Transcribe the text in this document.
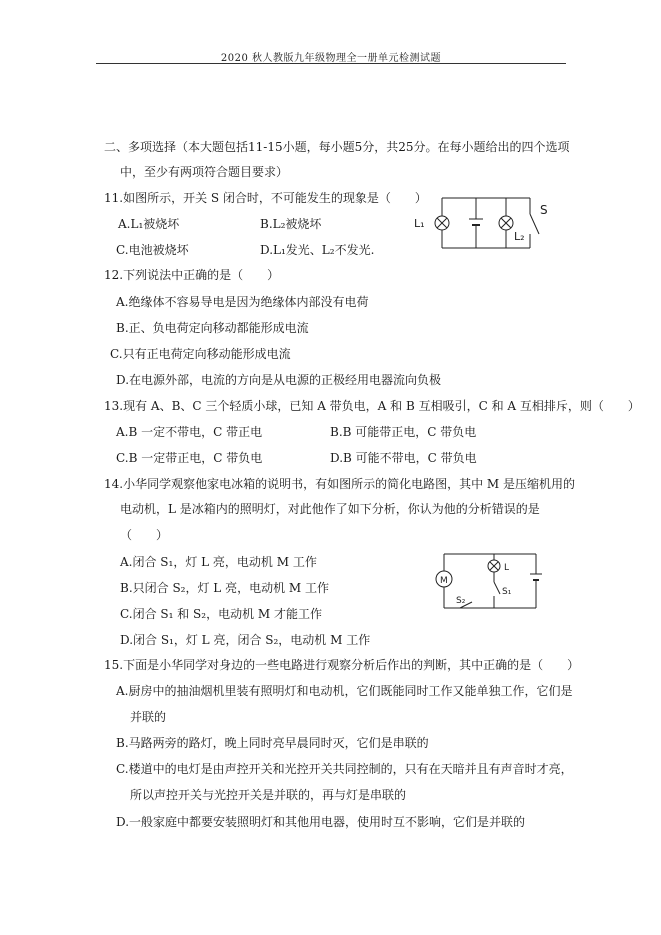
2020 秋人教版九年级物理全一册单元检测试题
二、多项选择（本大题包括11-15小题，每小题5分，共25分。在每小题给出的四个选项
中，至少有两项符合题目要求）
11.如图所示，开关 S 闭合时，不可能发生的现象是（　　）
A.L₁被烧坏	B.L₂被烧坏
C.电池被烧坏	D.L₁发光、L₂不发光.
L₁
L₂
S
12.下列说法中正确的是（　　）
A.绝缘体不容易导电是因为绝缘体内部没有电荷
B.正、负电荷定向移动都能形成电流
C.只有正电荷定向移动能形成电流
D.在电源外部，电流的方向是从电源的正极经用电器流向负极
13.现有 A、B、C 三个轻质小球，已知 A 带负电，A 和 B 互相吸引，C 和 A 互相排斥，则（　　）
A.B 一定不带电，C 带正电	B.B 可能带正电，C 带负电
C.B 一定带正电，C 带负电	D.B 可能不带电，C 带负电
14.小华同学观察他家电冰箱的说明书，有如图所示的简化电路图，其中 M 是压缩机用的
电动机，L 是冰箱内的照明灯，对此他作了如下分析，你认为他的分析错误的是
（　　）
A.闭合 S₁，灯 L 亮，电动机 M 工作
B.只闭合 S₂，灯 L 亮，电动机 M 工作
C.闭合 S₁ 和 S₂，电动机 M 才能工作
D.闭合 S₁，灯 L 亮，闭合 S₂，电动机 M 工作
M
L
S₁
S₂
15.下面是小华同学对身边的一些电路进行观察分析后作出的判断，其中正确的是（　　）
A.厨房中的抽油烟机里装有照明灯和电动机，它们既能同时工作又能单独工作，它们是
并联的
B.马路两旁的路灯，晚上同时亮早晨同时灭，它们是串联的
C.楼道中的电灯是由声控开关和光控开关共同控制的，只有在天暗并且有声音时才亮，
所以声控开关与光控开关是并联的，再与灯是串联的
D.一般家庭中都要安装照明灯和其他用电器，使用时互不影响，它们是并联的
